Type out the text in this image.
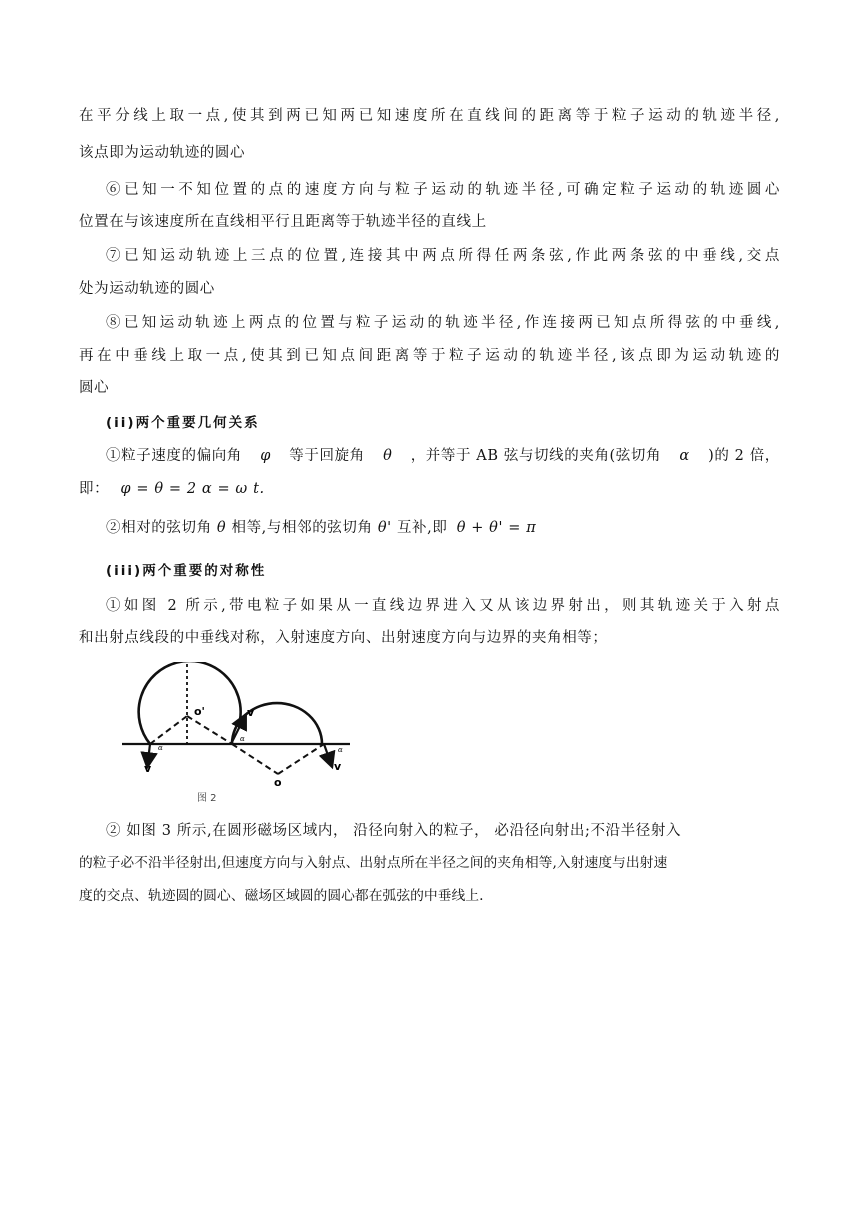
在平分线上取一点,使其到两已知两已知速度所在直线间的距离等于粒子运动的轨迹半径,
该点即为运动轨迹的圆心
⑥已知一不知位置的点的速度方向与粒子运动的轨迹半径,可确定粒子运动的轨迹圆心
位置在与该速度所在直线相平行且距离等于轨迹半径的直线上
⑦已知运动轨迹上三点的位置,连接其中两点所得任两条弦,作此两条弦的中垂线,交点
处为运动轨迹的圆心
⑧已知运动轨迹上两点的位置与粒子运动的轨迹半径,作连接两已知点所得弦的中垂线,
再在中垂线上取一点,使其到已知点间距离等于粒子运动的轨迹半径,该点即为运动轨迹的
圆心
(ii)两个重要几何关系
①粒子速度的偏向角 φ 等于回旋角 θ ，并等于 AB 弦与切线的夹角(弦切角 α )的 2 倍，
即： φ = θ = 2 α = ω t.
②相对的弦切角 θ 相等,与相邻的弦切角 θ' 互补,即 θ + θ' = π
(iii)两个重要的对称性
①如图 2 所示,带电粒子如果从一直线边界进入又从该边界射出，则其轨迹关于入射点
和出射点线段的中垂线对称，入射速度方向、出射速度方向与边界的夹角相等；
o'
o
v
v	v
α
α
α
图 2
② 如图 3 所示,在圆形磁场区域内， 沿径向射入的粒子， 必沿径向射出;不沿半径射入
的粒子必不沿半径射出,但速度方向与入射点、出射点所在半径之间的夹角相等,入射速度与出射速
度的交点、轨迹圆的圆心、磁场区域圆的圆心都在弧弦的中垂线上.
